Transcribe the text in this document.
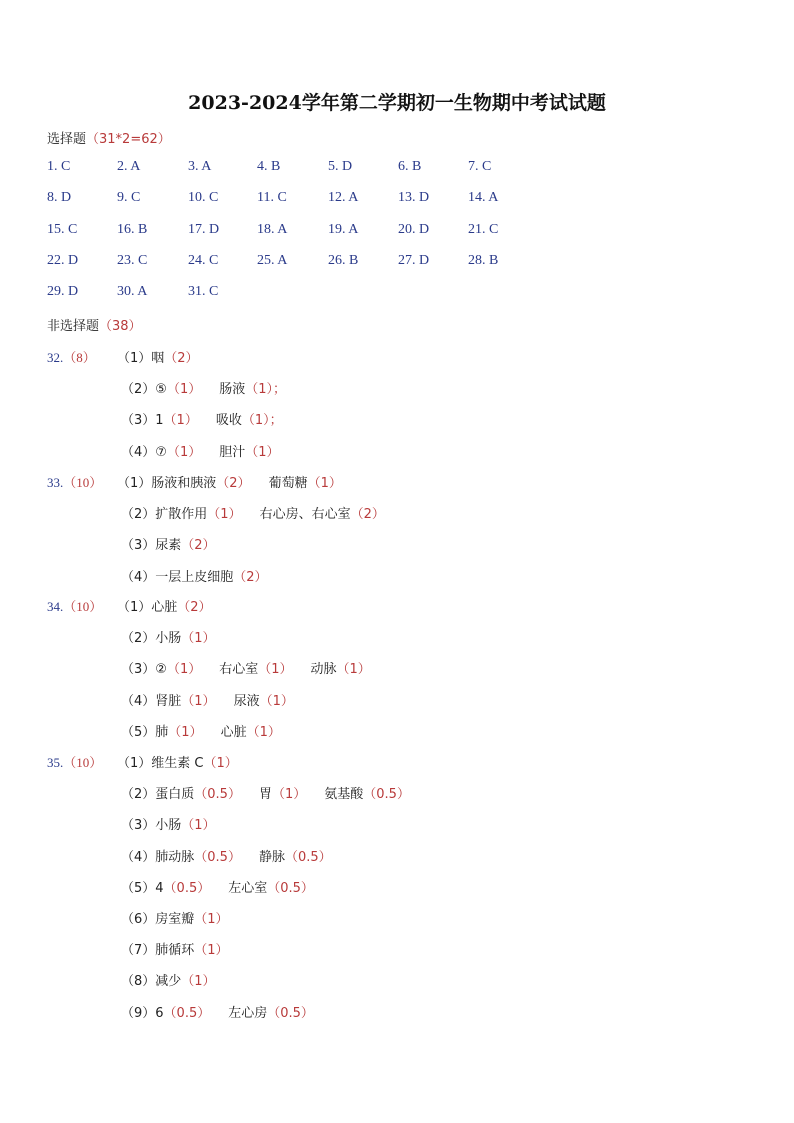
2023-2024学年第二学期初一生物期中考试试题
选择题（31*2=62）
1. C	2. A	3. A	4. B	5. D	6. B	7. C
8. D	9. C	10. C	11. C	12. A	13. D	14. A
15. C	16. B	17. D	18. A	19. A	20. D	21. C
22. D	23. C	24. C	25. A	26. B	27. D	28. B
29. D	30. A	31. C
非选择题（38）
32.（8） （1）咽（2）
（2）⑤（1） 肠液（1）；
（3）1（1） 吸收（1）；
（4）⑦（1） 胆汁（1）
33.（10） （1）肠液和胰液（2） 葡萄糖（1）
（2）扩散作用（1） 右心房、右心室（2）
（3）尿素（2）
（4）一层上皮细胞（2）
34.（10） （1）心脏（2）
（2）小肠（1）
（3）②（1） 右心室（1） 动脉（1）
（4）肾脏（1） 尿液（1）
（5）肺（1） 心脏（1）
35.（10） （1）维生素 C（1）
（2）蛋白质（0.5） 胃（1） 氨基酸（0.5）
（3）小肠（1）
（4）肺动脉（0.5） 静脉（0.5）
（5）4（0.5） 左心室（0.5）
（6）房室瓣（1）
（7）肺循环（1）
（8）减少（1）
（9）6（0.5） 左心房（0.5）
